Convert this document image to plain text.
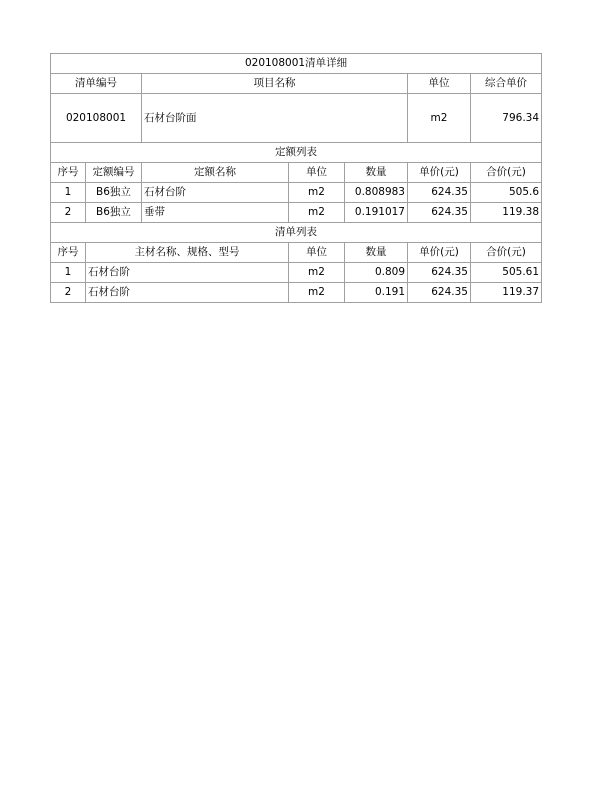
020108001清单详细						
清单编号		项目名称			单位	综合单价
020108001		石材台阶面			m2	796.34
定额列表						
序号	定额编号	定额名称	单位	数量	单价(元)	合价(元)
1	B6独立	石材台阶	m2	0.808983	624.35	505.6
2	B6独立	垂带	m2	0.191017	624.35	119.38
清单列表						
序号	主材名称、规格、型号		单位	数量	单价(元)	合价(元)
1	石材台阶		m2	0.809	624.35	505.61
2	石材台阶		m2	0.191	624.35	119.37
